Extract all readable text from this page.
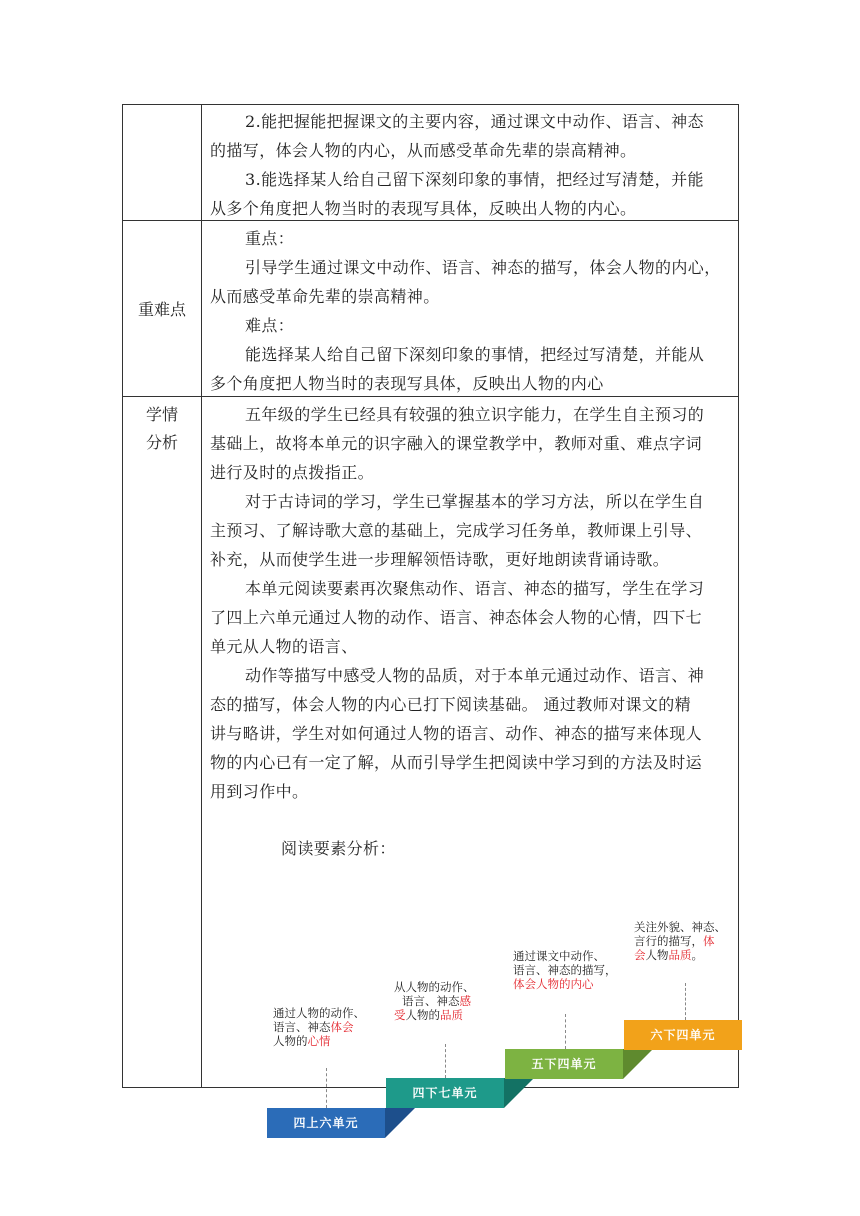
2.能把握能把握课文的主要内容，通过课文中动作、语言、神态
的描写，体会人物的内心，从而感受革命先辈的崇高精神。
3.能选择某人给自己留下深刻印象的事情，把经过写清楚，并能
从多个角度把人物当时的表现写具体，反映出人物的内心。
重难点
重点：
引导学生通过课文中动作、语言、神态的描写，体会人物的内心，
从而感受革命先辈的崇高精神。
难点：
能选择某人给自己留下深刻印象的事情，把经过写清楚，并能从
多个角度把人物当时的表现写具体，反映出人物的内心
学情
分析
五年级的学生已经具有较强的独立识字能力，在学生自主预习的
基础上，故将本单元的识字融入的课堂教学中，教师对重、难点字词
进行及时的点拨指正。
对于古诗词的学习，学生已掌握基本的学习方法，所以在学生自
主预习、了解诗歌大意的基础上，完成学习任务单，教师课上引导、
补充，从而使学生进一步理解领悟诗歌，更好地朗读背诵诗歌。
本单元阅读要素再次聚焦动作、语言、神态的描写，学生在学习
了四上六单元通过人物的动作、语言、神态体会人物的心情，四下七
单元从人物的语言、
动作等描写中感受人物的品质，对于本单元通过动作、语言、神
态的描写，体会人物的内心已打下阅读基础。 通过教师对课文的精
讲与略讲，学生对如何通过人物的语言、动作、神态的描写来体现人
物的内心已有一定了解，从而引导学生把阅读中学习到的方法及时运
用到习作中。
阅读要素分析：
四上六单元
四下七单元
五下四单元
六下四单元
通过人物的动作、
语言、神态体会
人物的心情
从人物的动作、
语言、神态感
受人物的品质
通过课文中动作、
语言、神态的描写，
体会人物的内心
关注外貌、神态、
言行的描写，体
会人物品质。
